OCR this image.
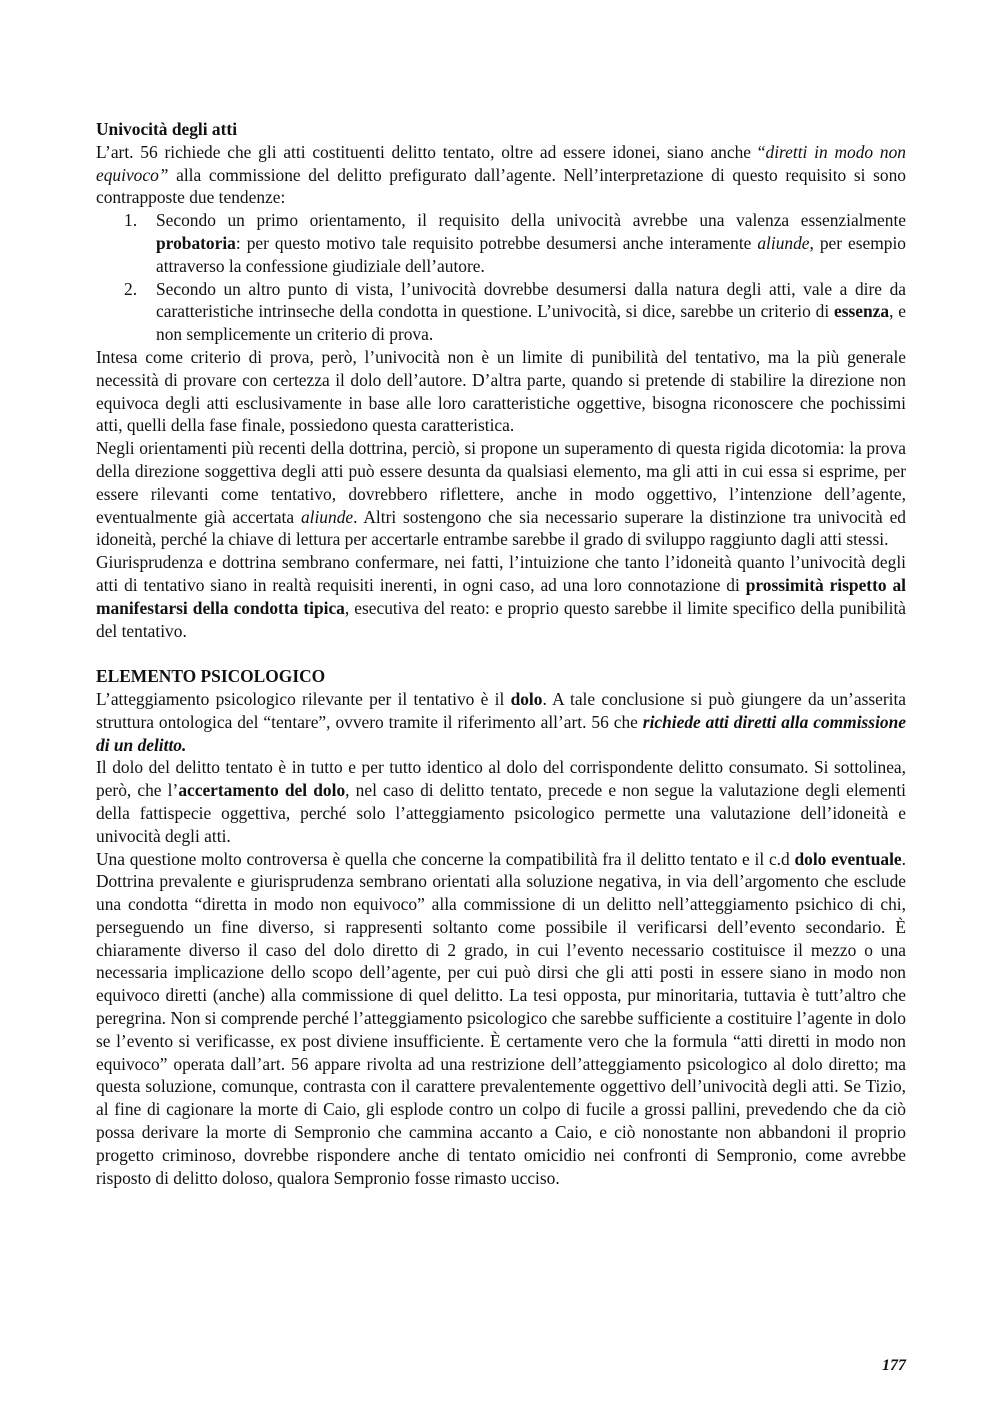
Univocità degli atti

L’art. 56 richiede che gli atti costituenti delitto tentato, oltre ad essere idonei, siano anche “diretti in modo non equivoco” alla commissione del delitto prefigurato dall’agente. Nell’interpretazione di questo requisito si sono contrapposte due tendenze:

1. Secondo un primo orientamento, il requisito della univocità avrebbe una valenza essenzialmente probatoria: per questo motivo tale requisito potrebbe desumersi anche interamente aliunde, per esempio attraverso la confessione giudiziale dell’autore.
2. Secondo un altro punto di vista, l’univocità dovrebbe desumersi dalla natura degli atti, vale a dire da caratteristiche intrinseche della condotta in questione. L’univocità, si dice, sarebbe un criterio di essenza, e non semplicemente un criterio di prova.

Intesa come criterio di prova, però, l’univocità non è un limite di punibilità del tentativo, ma la più generale necessità di provare con certezza il dolo dell’autore. D’altra parte, quando si pretende di stabilire la direzione non equivoca degli atti esclusivamente in base alle loro caratteristiche oggettive, bisogna riconoscere che pochissimi atti, quelli della fase finale, possiedono questa caratteristica.

Negli orientamenti più recenti della dottrina, perciò, si propone un superamento di questa rigida dicotomia: la prova della direzione soggettiva degli atti può essere desunta da qualsiasi elemento, ma gli atti in cui essa si esprime, per essere rilevanti come tentativo, dovrebbero riflettere, anche in modo oggettivo, l’intenzione dell’agente, eventualmente già accertata aliunde. Altri sostengono che sia necessario superare la distinzione tra univocità ed idoneità, perché la chiave di lettura per accertarle entrambe sarebbe il grado di sviluppo raggiunto dagli atti stessi.

Giurisprudenza e dottrina sembrano confermare, nei fatti, l’intuizione che tanto l’idoneità quanto l’univocità degli atti di tentativo siano in realtà requisiti inerenti, in ogni caso, ad una loro connotazione di prossimità rispetto al manifestarsi della condotta tipica, esecutiva del reato: e proprio questo sarebbe il limite specifico della punibilità del tentativo.

ELEMENTO PSICOLOGICO

L’atteggiamento psicologico rilevante per il tentativo è il dolo. A tale conclusione si può giungere da un’asserita struttura ontologica del “tentare”, ovvero tramite il riferimento all’art. 56 che richiede atti diretti alla commissione di un delitto.

Il dolo del delitto tentato è in tutto e per tutto identico al dolo del corrispondente delitto consumato. Si sottolinea, però, che l’accertamento del dolo, nel caso di delitto tentato, precede e non segue la valutazione degli elementi della fattispecie oggettiva, perché solo l’atteggiamento psicologico permette una valutazione dell’idoneità e univocità degli atti.

Una questione molto controversa è quella che concerne la compatibilità fra il delitto tentato e il c.d dolo eventuale. Dottrina prevalente e giurisprudenza sembrano orientati alla soluzione negativa, in via dell’argomento che esclude una condotta “diretta in modo non equivoco” alla commissione di un delitto nell’atteggiamento psichico di chi, perseguendo un fine diverso, si rappresenti soltanto come possibile il verificarsi dell’evento secondario. È chiaramente diverso il caso del dolo diretto di 2 grado, in cui l’evento necessario costituisce il mezzo o una necessaria implicazione dello scopo dell’agente, per cui può dirsi che gli atti posti in essere siano in modo non equivoco diretti (anche) alla commissione di quel delitto. La tesi opposta, pur minoritaria, tuttavia è tutt’altro che peregrina. Non si comprende perché l’atteggiamento psicologico che sarebbe sufficiente a costituire l’agente in dolo se l’evento si verificasse, ex post diviene insufficiente. È certamente vero che la formula “atti diretti in modo non equivoco” operata dall’art. 56 appare rivolta ad una restrizione dell’atteggiamento psicologico al dolo diretto; ma questa soluzione, comunque, contrasta con il carattere prevalentemente oggettivo dell’univocità degli atti. Se Tizio, al fine di cagionare la morte di Caio, gli esplode contro un colpo di fucile a grossi pallini, prevedendo che da ciò possa derivare la morte di Sempronio che cammina accanto a Caio, e ciò nonostante non abbandoni il proprio progetto criminoso, dovrebbe rispondere anche di tentato omicidio nei confronti di Sempronio, come avrebbe risposto di delitto doloso, qualora Sempronio fosse rimasto ucciso.

177
